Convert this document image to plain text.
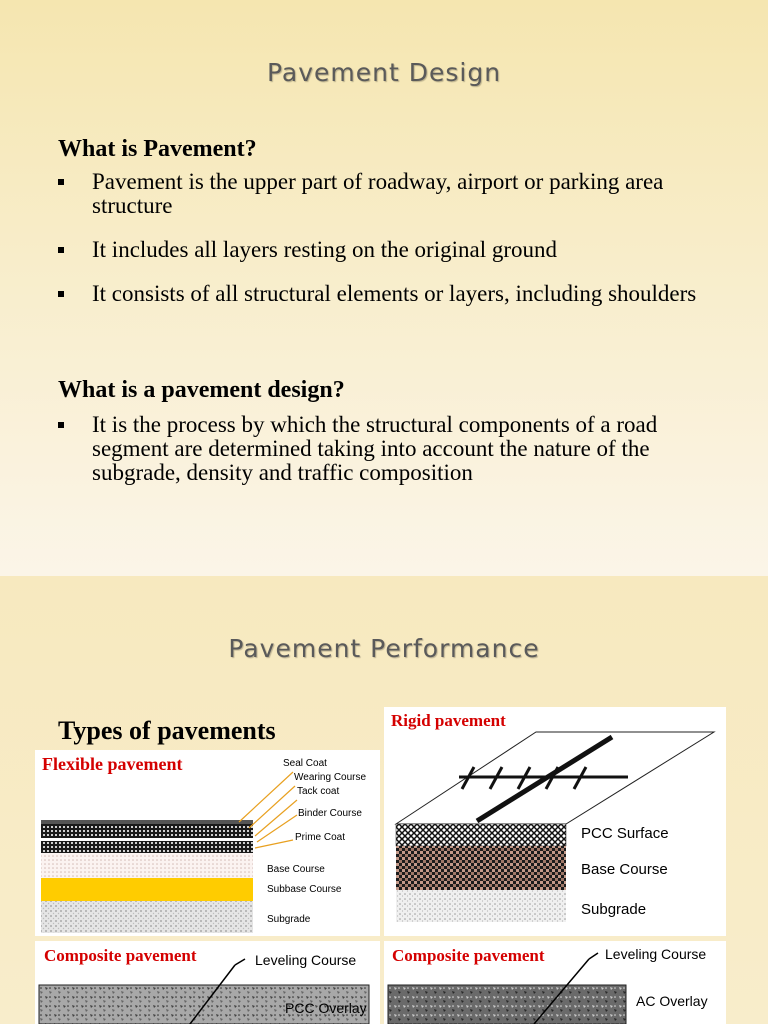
Pavement Design
What is Pavement?
Pavement is the upper part of roadway, airport or parking area structure
It includes all layers resting on the original ground
It consists of all structural elements or layers, including shoulders
What is a pavement design?
It is the process by which the structural components of a road segment are determined taking into account the nature of the subgrade, density and traffic composition
Pavement Performance
Types of pavements
Flexible pavement	Seal Coat
Wearing Course
Tack coat
Binder Course
Prime Coat
Base Course
Subbase Course
Subgrade
Rigid pavement
PCC Surface
Base Course
Subgrade
Composite pavement	Leveling Course
PCC Overlay
Composite pavement	Leveling Course
AC Overlay
